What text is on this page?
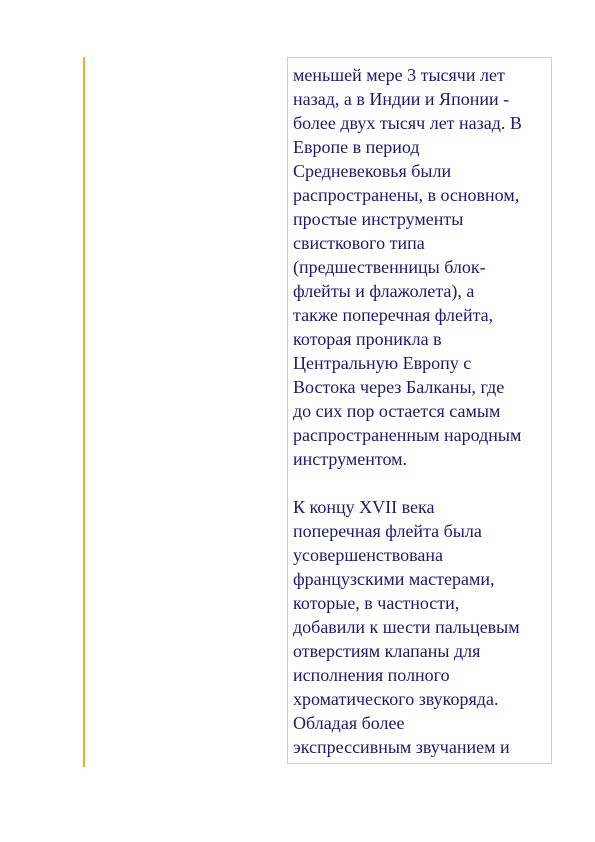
меньшей мере 3 тысячи лет
назад, а в Индии и Японии -
более двух тысяч лет назад. В
Европе в период
Средневековья были
распространены, в основном,
простые инструменты
свисткового типа
(предшественницы блок-
флейты и флажолета), а
также поперечная флейта,
которая проникла в
Центральную Европу с
Востока через Балканы, где
до сих пор остается самым
распространенным народным
инструментом.
К концу XVII века
поперечная флейта была
усовершенствована
французскими мастерами,
которые, в частности,
добавили к шести пальцевым
отверстиям клапаны для
исполнения полного
хроматического звукоряда.
Обладая более
экспрессивным звучанием и
